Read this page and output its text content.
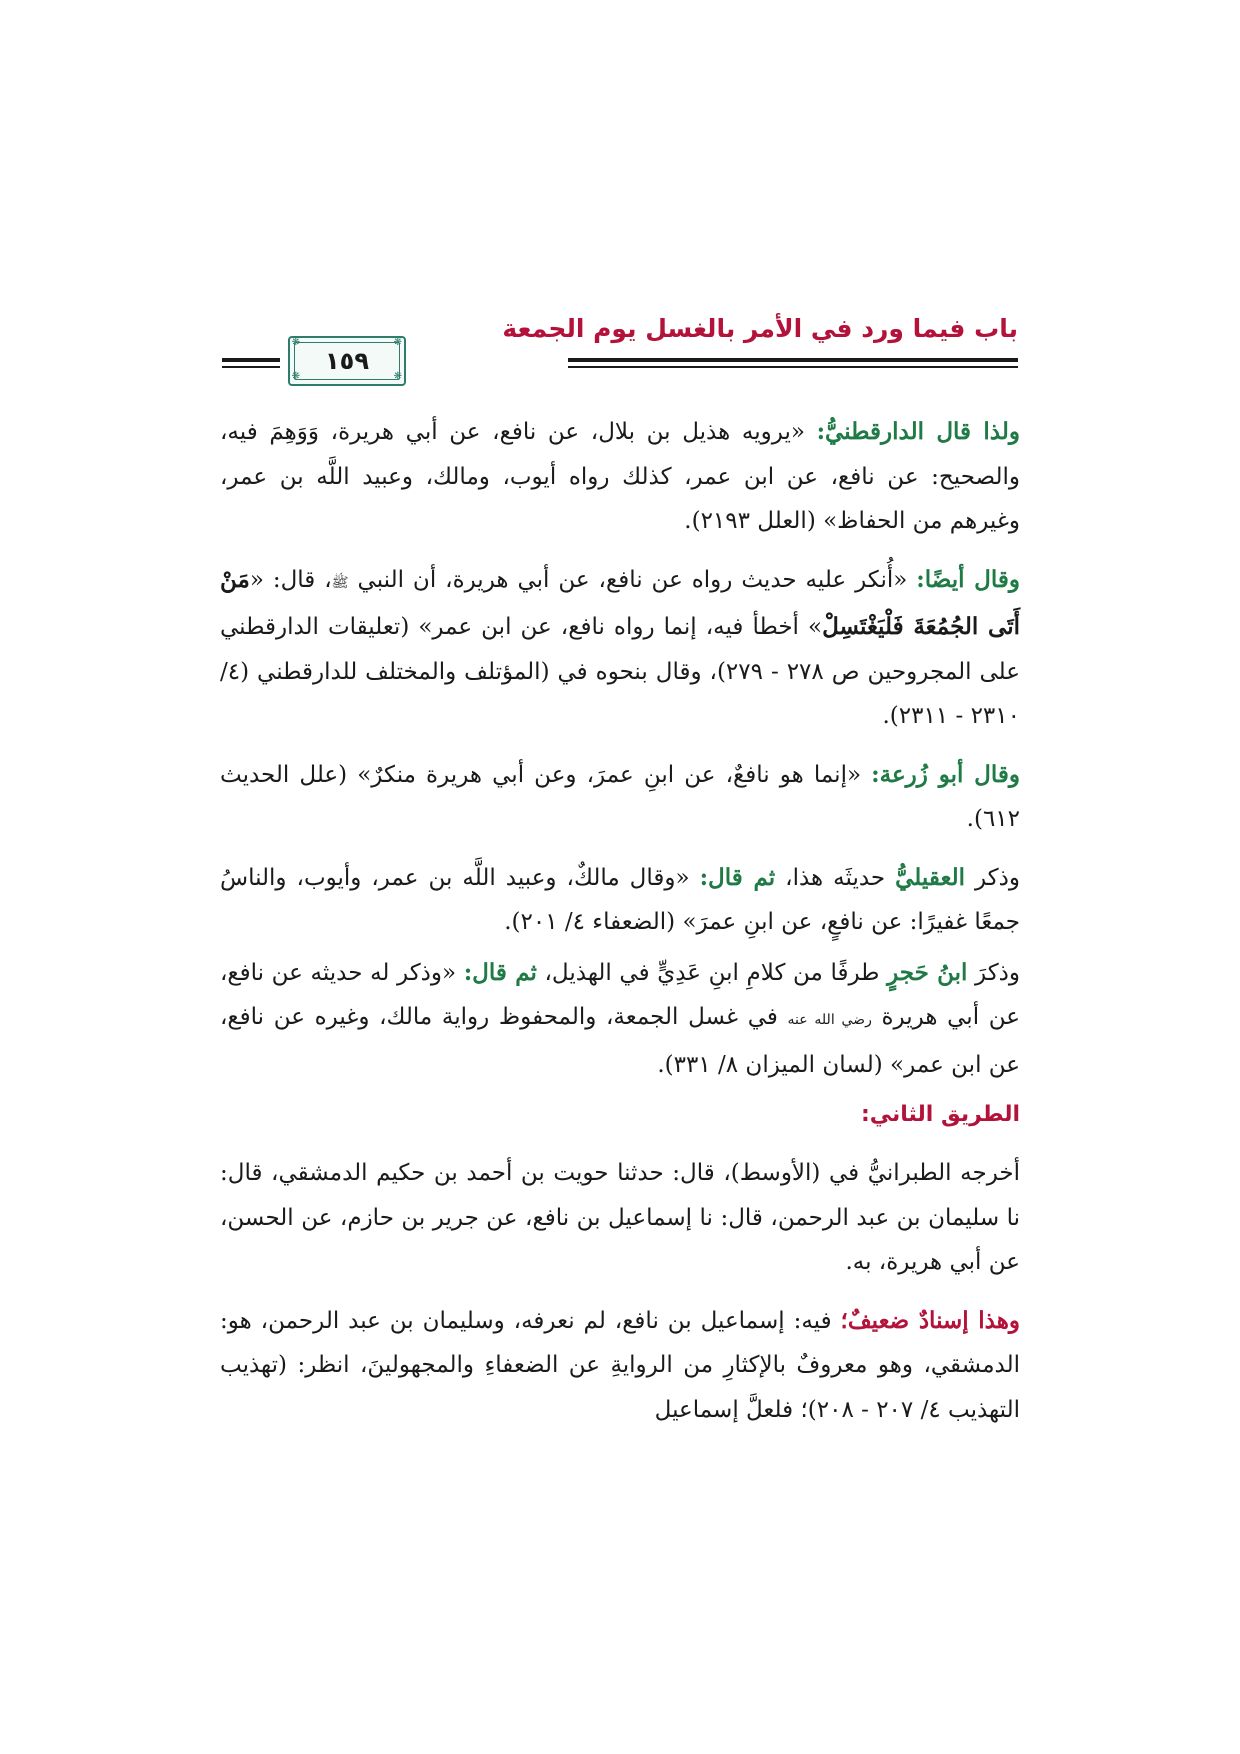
باب فيما ورد في الأمر بالغسل يوم الجمعة
❋	❋
❋	❋
١٥٩

ولذا قال الدارقطنيُّ: «يرويه هذيل بن بلال، عن نافع، عن أبي هريرة، وَوَهِمَ فيه، والصحيح: عن نافع، عن ابن عمر، كذلك رواه أيوب، ومالك، وعبيد اللَّه بن عمر، وغيرهم من الحفاظ» (العلل ٢١٩٣).

وقال أيضًا: «أُنكر عليه حديث رواه عن نافع، عن أبي هريرة، أن النبي ﷺ، قال: «مَنْ أَتَى الجُمُعَةَ فَلْيَغْتَسِلْ» أخطأ فيه، إنما رواه نافع، عن ابن عمر» (تعليقات الدارقطني على المجروحين ص ٢٧٨ - ٢٧٩)، وقال بنحوه في (المؤتلف والمختلف للدارقطني (٤/ ٢٣١٠ - ٢٣١١).

وقال أبو زُرعة: «إنما هو نافعٌ، عن ابنِ عمرَ، وعن أبي هريرة منكرٌ» (علل الحديث ٦١٢).

وذكر العقيليُّ حديثَه هذا، ثم قال: «وقال مالكٌ، وعبيد اللَّه بن عمر، وأيوب، والناسُ جمعًا غفيرًا: عن نافعٍ، عن ابنِ عمرَ» (الضعفاء ٤/ ٢٠١).

وذكرَ ابنُ حَجرٍ طرفًا من كلامِ ابنِ عَدِيٍّ في الهذيل، ثم قال: «وذكر له حديثه عن نافع، عن أبي هريرة رضي الله عنه في غسل الجمعة، والمحفوظ رواية مالك، وغيره عن نافع، عن ابن عمر» (لسان الميزان ٨/ ٣٣١).

الطريق الثاني:

أخرجه الطبرانيُّ في (الأوسط)، قال: حدثنا حويت بن أحمد بن حكيم الدمشقي، قال: نا سليمان بن عبد الرحمن، قال: نا إسماعيل بن نافع، عن جرير بن حازم، عن الحسن، عن أبي هريرة، به.

وهذا إسنادٌ ضعيفٌ؛ فيه: إسماعيل بن نافع، لم نعرفه، وسليمان بن عبد الرحمن، هو: الدمشقي، وهو معروفٌ بالإكثارِ من الروايةِ عن الضعفاءِ والمجهولينَ، انظر: (تهذيب التهذيب ٤/ ٢٠٧ - ٢٠٨)؛ فلعلَّ إسماعيل
